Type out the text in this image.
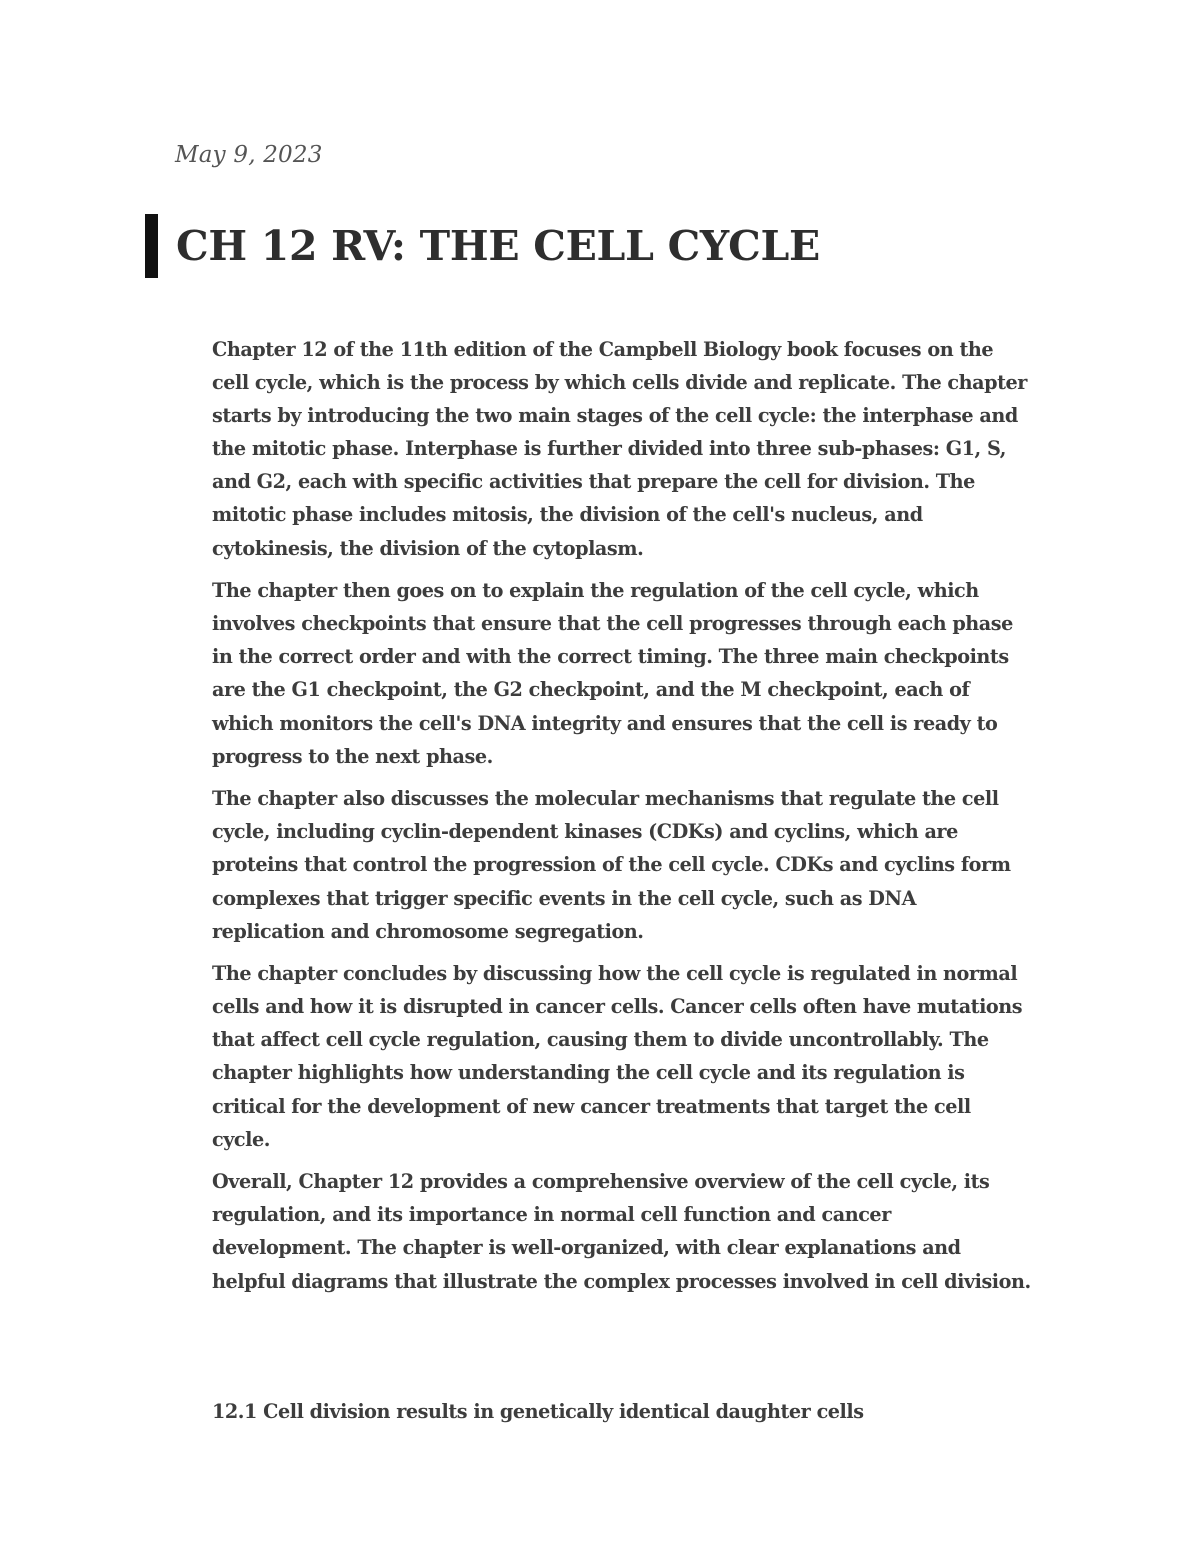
May 9, 2023
CH 12 RV: THE CELL CYCLE

Chapter 12 of the 11th edition of the Campbell Biology book focuses on the cell cycle, which is the process by which cells divide and replicate. The chapter starts by introducing the two main stages of the cell cycle: the interphase and the mitotic phase. Interphase is further divided into three sub-phases: G1, S, and G2, each with specific activities that prepare the cell for division. The mitotic phase includes mitosis, the division of the cell's nucleus, and cytokinesis, the division of the cytoplasm.

The chapter then goes on to explain the regulation of the cell cycle, which involves checkpoints that ensure that the cell progresses through each phase in the correct order and with the correct timing. The three main checkpoints are the G1 checkpoint, the G2 checkpoint, and the M checkpoint, each of which monitors the cell's DNA integrity and ensures that the cell is ready to progress to the next phase.

The chapter also discusses the molecular mechanisms that regulate the cell cycle, including cyclin-dependent kinases (CDKs) and cyclins, which are proteins that control the progression of the cell cycle. CDKs and cyclins form complexes that trigger specific events in the cell cycle, such as DNA replication and chromosome segregation.

The chapter concludes by discussing how the cell cycle is regulated in normal cells and how it is disrupted in cancer cells. Cancer cells often have mutations that affect cell cycle regulation, causing them to divide uncontrollably. The chapter highlights how understanding the cell cycle and its regulation is critical for the development of new cancer treatments that target the cell cycle.

Overall, Chapter 12 provides a comprehensive overview of the cell cycle, its regulation, and its importance in normal cell function and cancer development. The chapter is well-organized, with clear explanations and helpful diagrams that illustrate the complex processes involved in cell division.

12.1 Cell division results in genetically identical daughter cells
